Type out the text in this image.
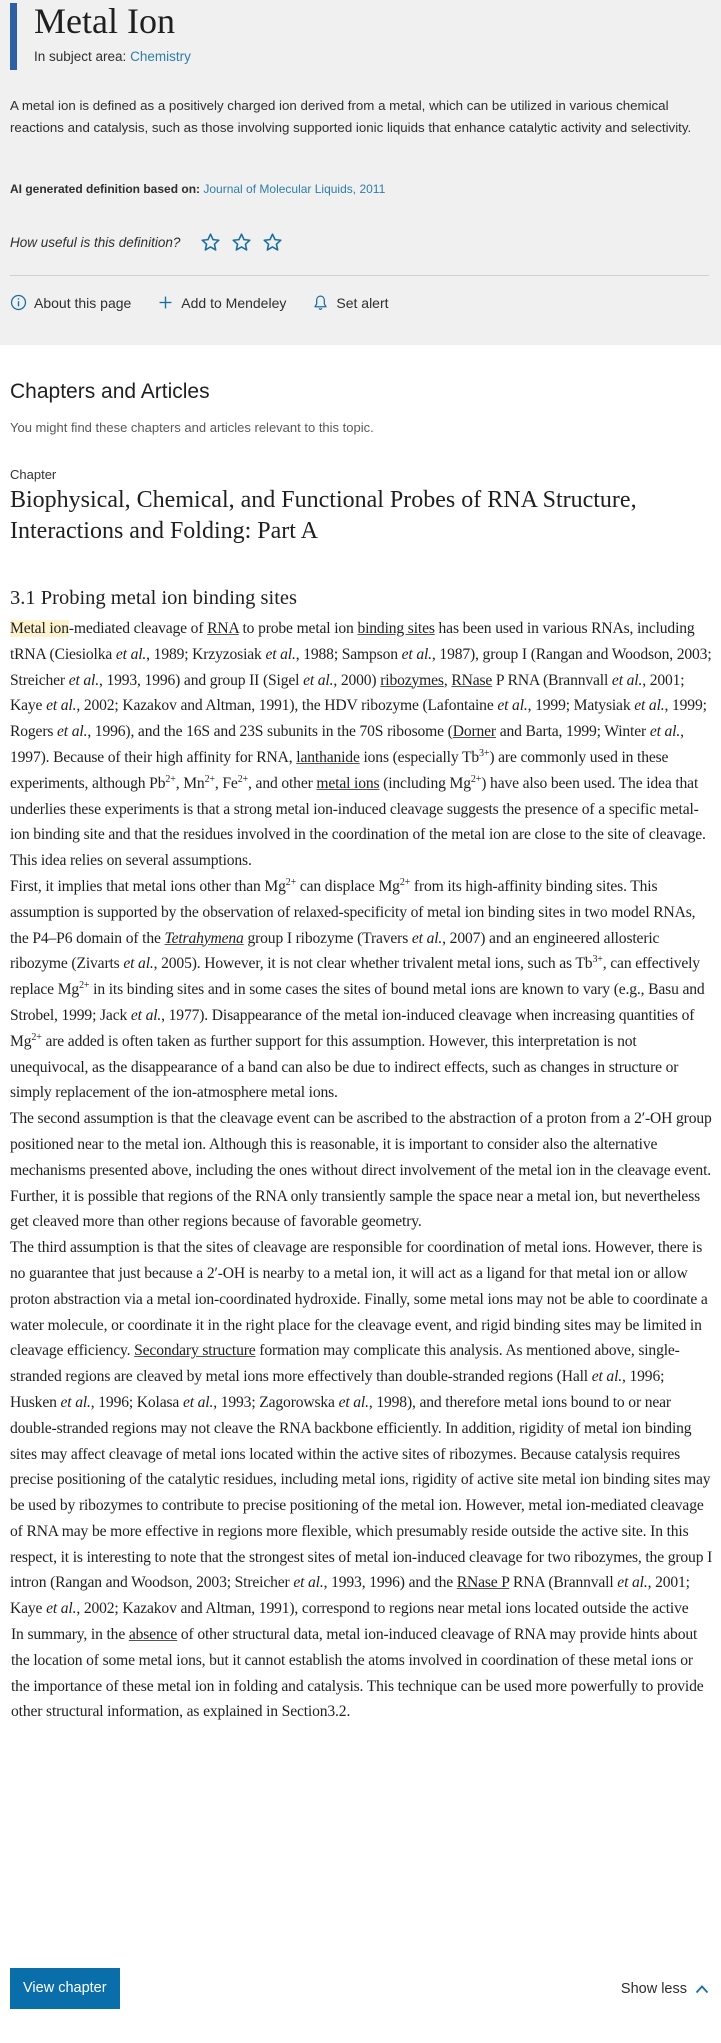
Metal Ion
In subject area: Chemistry

A metal ion is defined as a positively charged ion derived from a metal, which can be utilized in various chemical reactions and catalysis, such as those involving supported ionic liquids that enhance catalytic activity and selectivity.

AI generated definition based on: Journal of Molecular Liquids, 2011
How useful is this definition?
About this page	Add to Mendeley	Set alert
Chapters and Articles
You might find these chapters and articles relevant to this topic.
Chapter
Biophysical, Chemical, and Functional Probes of RNA Structure, Interactions and Folding: Part A
3.1 Probing metal ion binding sites

Metal ion-mediated cleavage of RNA to probe metal ion binding sites has been used in various RNAs, including tRNA (Ciesiolka et al., 1989; Krzyzosiak et al., 1988; Sampson et al., 1987), group I (Rangan and Woodson, 2003; Streicher et al., 1993, 1996) and group II (Sigel et al., 2000) ribozymes, RNase P RNA (Brannvall et al., 2001; Kaye et al., 2002; Kazakov and Altman, 1991), the HDV ribozyme (Lafontaine et al., 1999; Matysiak et al., 1999; Rogers et al., 1996), and the 16S and 23S subunits in the 70S ribosome (Dorner and Barta, 1999; Winter et al., 1997). Because of their high affinity for RNA, lanthanide ions (especially $Tb^{3+}$) are commonly used in these experiments, although $Pb^{2+}$, $Mn^{2+}$, $Fe^{2+}$, and other metal ions (including $Mg^{2+}$) have also been used. The idea that underlies these experiments is that a strong metal ion-induced cleavage suggests the presence of a specific metal-ion binding site and that the residues involved in the coordination of the metal ion are close to the site of cleavage. This idea relies on several assumptions.

First, it implies that metal ions other than $Mg^{2+}$ can displace $Mg^{2+}$ from its high-affinity binding sites. This assumption is supported by the observation of relaxed-specificity of metal ion binding sites in two model RNAs, the P4–P6 domain of the Tetrahymena group I ribozyme (Travers et al., 2007) and an engineered allosteric ribozyme (Zivarts et al., 2005). However, it is not clear whether trivalent metal ions, such as $Tb^{3+}$, can effectively replace $Mg^{2+}$ in its binding sites and in some cases the sites of bound metal ions are known to vary (e.g., Basu and Strobel, 1999; Jack et al., 1977). Disappearance of the metal ion-induced cleavage when increasing quantities of $Mg^{2+}$ are added is often taken as further support for this assumption. However, this interpretation is not unequivocal, as the disappearance of a band can also be due to indirect effects, such as changes in structure or simply replacement of the ion-atmosphere metal ions.

The second assumption is that the cleavage event can be ascribed to the abstraction of a proton from a 2′-OH group positioned near to the metal ion. Although this is reasonable, it is important to consider also the alternative mechanisms presented above, including the ones without direct involvement of the metal ion in the cleavage event. Further, it is possible that regions of the RNA only transiently sample the space near a metal ion, but nevertheless get cleaved more than other regions because of favorable geometry.

The third assumption is that the sites of cleavage are responsible for coordination of metal ions. However, there is no guarantee that just because a 2′-OH is nearby to a metal ion, it will act as a ligand for that metal ion or allow proton abstraction via a metal ion-coordinated hydroxide. Finally, some metal ions may not be able to coordinate a water molecule, or coordinate it in the right place for the cleavage event, and rigid binding sites may be limited in cleavage efficiency. Secondary structure formation may complicate this analysis. As mentioned above, single-stranded regions are cleaved by metal ions more effectively than double-stranded regions (Hall et al., 1996; Husken et al., 1996; Kolasa et al., 1993; Zagorowska et al., 1998), and therefore metal ions bound to or near double-stranded regions may not cleave the RNA backbone efficiently. In addition, rigidity of metal ion binding sites may affect cleavage of metal ions located within the active sites of ribozymes. Because catalysis requires precise positioning of the catalytic residues, including metal ions, rigidity of active site metal ion binding sites may be used by ribozymes to contribute to precise positioning of the metal ion. However, metal ion-mediated cleavage of RNA may be more effective in regions more flexible, which presumably reside outside the active site. In this respect, it is interesting to note that the strongest sites of metal ion-induced cleavage for two ribozymes, the group I intron (Rangan and Woodson, 2003; Streicher et al., 1993, 1996) and the RNase P RNA (Brannvall et al., 2001; Kaye et al., 2002; Kazakov and Altman, 1991), correspond to regions near metal ions located outside the active

In summary, in the absence of other structural data, metal ion-induced cleavage of RNA may provide hints about the location of some metal ions, but it cannot establish the atoms involved in coordination of these metal ions or the importance of these metal ion in folding and catalysis. This technique can be used more powerfully to provide other structural information, as explained in Section3.2.

View chapter	Show less
